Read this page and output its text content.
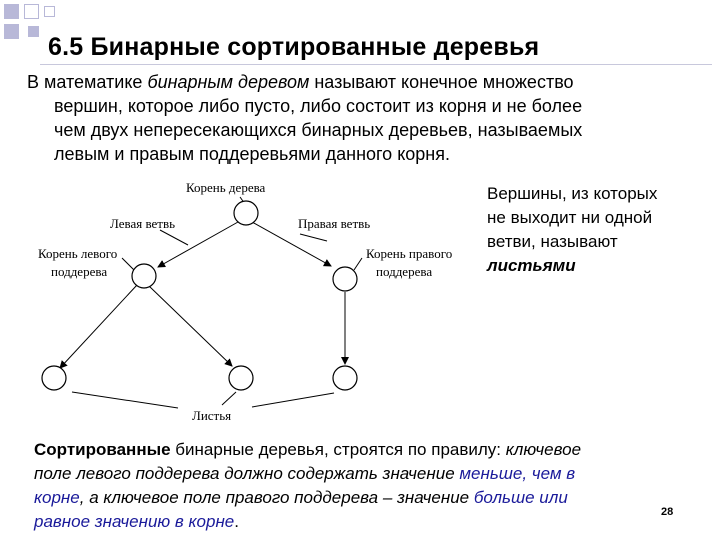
6.5 Бинарные сортированные деревья
В математике бинарным деревом называют конечное множество
вершин, которое либо пусто, либо состоит из корня и не более
чем двух непересекающихся бинарных деревьев, называемых
левым и правым поддеревьями данного корня.
Корень дерева
Левая ветвь	Правая ветвь
Корень левого
поддерева
Корень правого
поддерева
Листья
Вершины, из которых
не выходит ни одной
ветви, называют
листьями
Сортированные бинарные деревья, строятся по правилу: ключевое
поле левого поддерева должно содержать значение меньше, чем в
корне, а ключевое поле правого поддерева – значение больше или
равное значению в корне.	28
